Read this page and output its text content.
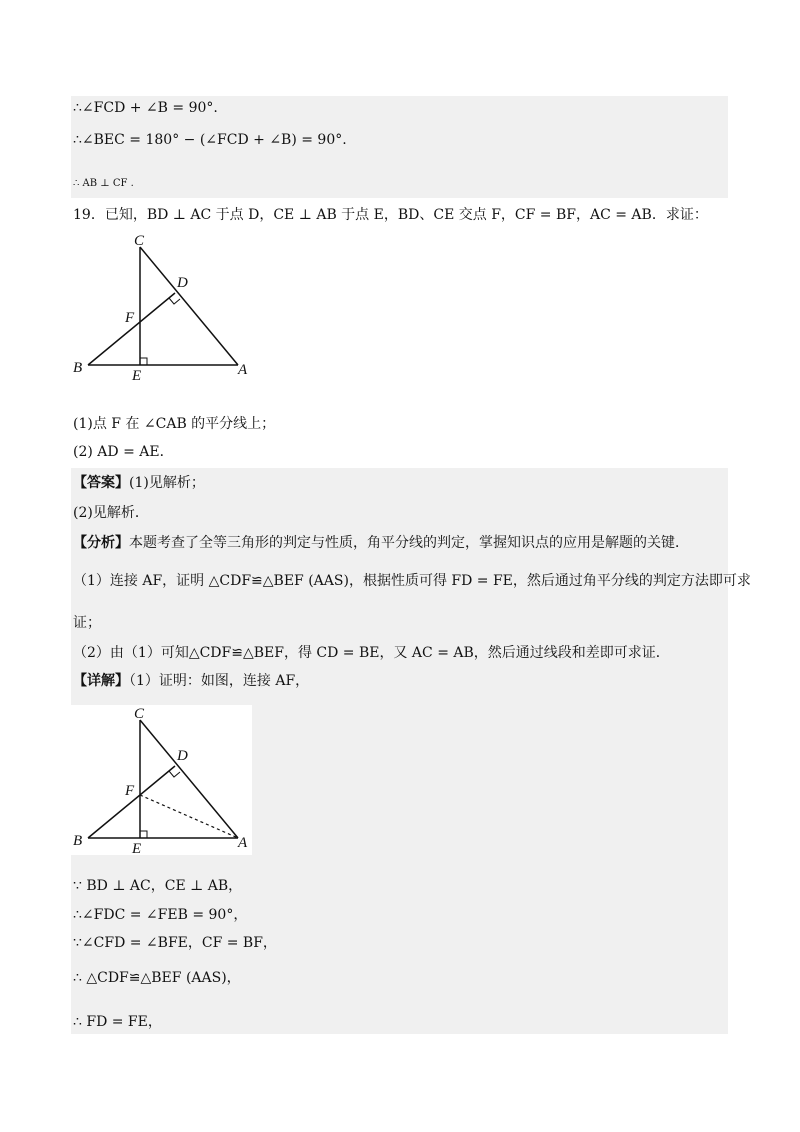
∴∠FCD + ∠B = 90°.
∴∠BEC = 180° − (∠FCD + ∠B) = 90°.
∴ AB ⊥ CF .
19．已知，BD ⊥ AC 于点 D，CE ⊥ AB 于点 E，BD、CE 交点 F，CF = BF，AC = AB．求证：
C
D
F
B	E	A
(1)点 F 在 ∠CAB 的平分线上；
(2) AD = AE．
【答案】(1)见解析；
(2)见解析．
【分析】本题考查了全等三角形的判定与性质，角平分线的判定，掌握知识点的应用是解题的关键．
（1）连接 AF，证明 △CDF≌△BEF (AAS)，根据性质可得 FD = FE，然后通过角平分线的判定方法即可求
证；
（2）由（1）可知△CDF≌△BEF，得 CD = BE，又 AC = AB，然后通过线段和差即可求证．
【详解】（1）证明：如图，连接 AF，
C
D
F
B	E	A
∵ BD ⊥ AC，CE ⊥ AB，
∴∠FDC = ∠FEB = 90°，
∵∠CFD = ∠BFE，CF = BF，
∴ △CDF≌△BEF (AAS)，
∴ FD = FE，
